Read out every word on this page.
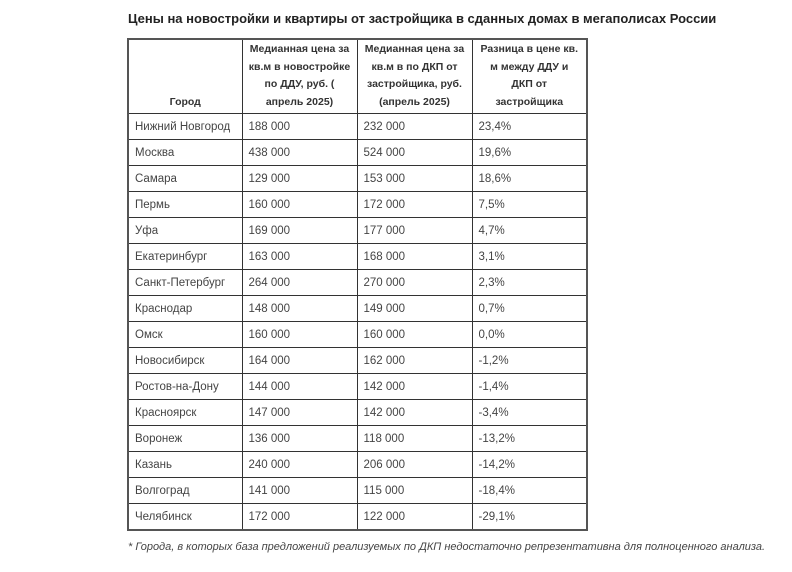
Цены на новостройки и квартиры от застройщика в сданных домах в мегаполисах России
Город	Медианная цена за кв.м в новостройке по ДДУ, руб. ( апрель 2025)	Медианная цена за кв.м в по ДКП от застройщика, руб. (апрель 2025)	Разница в цене кв. м между ДДУ и ДКП от застройщика
Нижний Новгород	188 000	232 000	23,4%
Москва	438 000	524 000	19,6%
Самара	129 000	153 000	18,6%
Пермь	160 000	172 000	7,5%
Уфа	169 000	177 000	4,7%
Екатеринбург	163 000	168 000	3,1%
Санкт-Петербург	264 000	270 000	2,3%
Краснодар	148 000	149 000	0,7%
Омск	160 000	160 000	0,0%
Новосибирск	164 000	162 000	-1,2%
Ростов-на-Дону	144 000	142 000	-1,4%
Красноярск	147 000	142 000	-3,4%
Воронеж	136 000	118 000	-13,2%
Казань	240 000	206 000	-14,2%
Волгоград	141 000	115 000	-18,4%
Челябинск	172 000	122 000	-29,1%
* Города, в которых база предложений реализуемых по ДКП недостаточно репрезентативна для полноценного анализа.
